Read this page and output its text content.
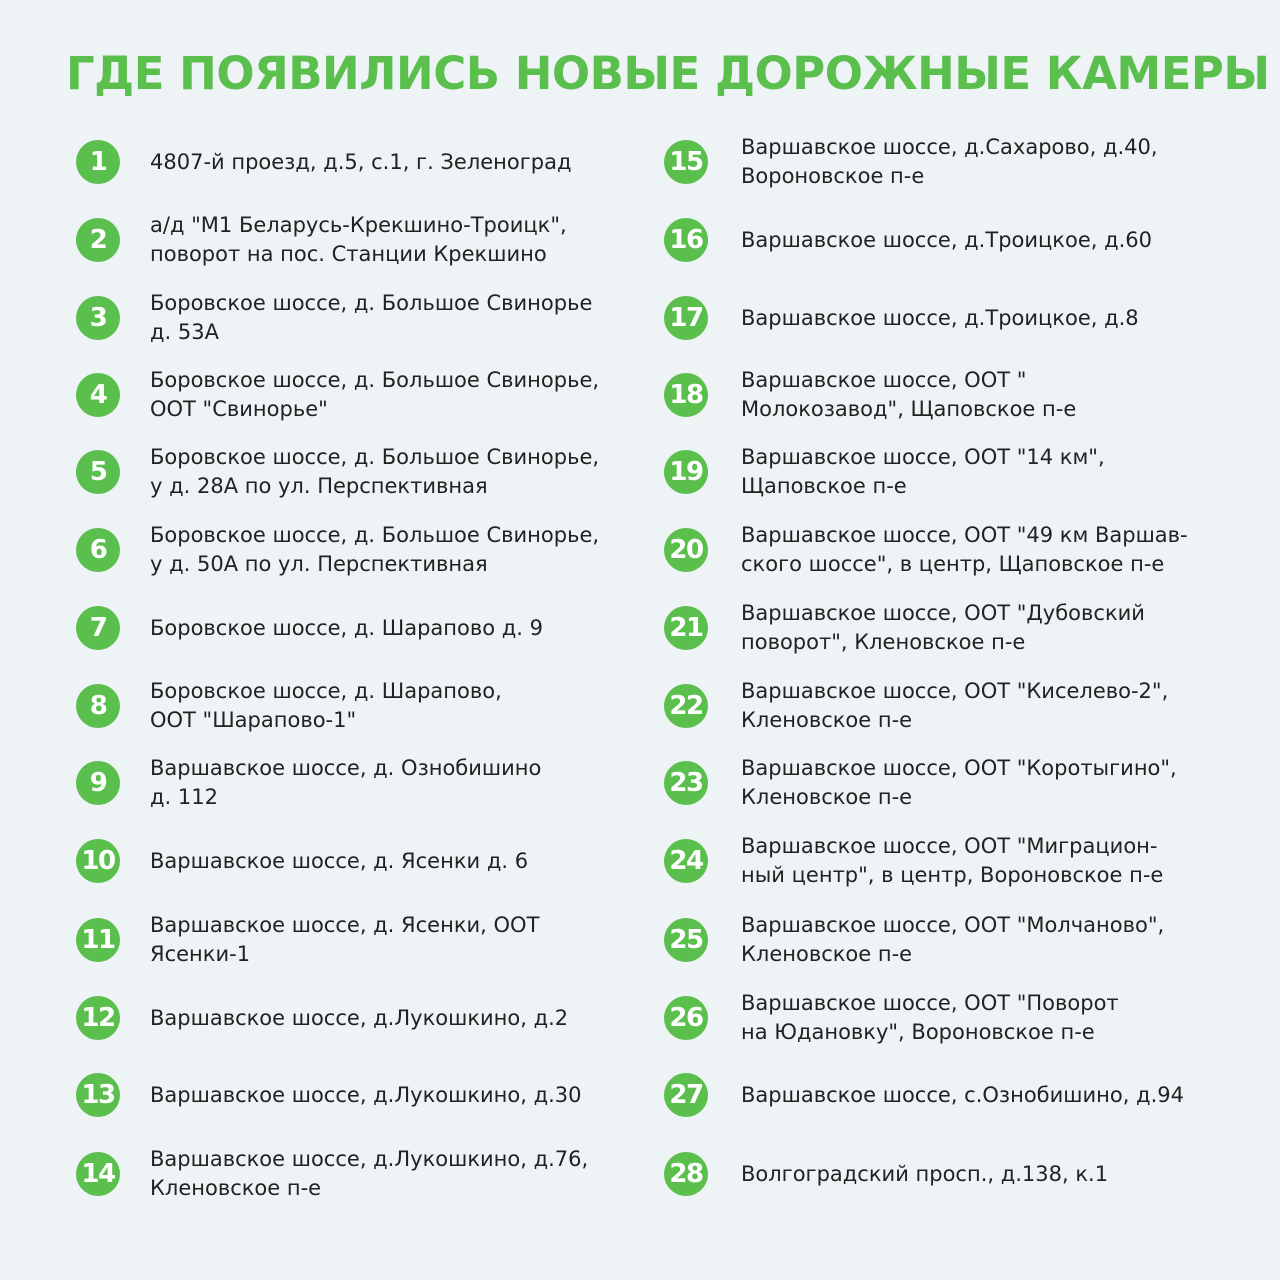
ГДЕ ПОЯВИЛИСЬ НОВЫЕ ДОРОЖНЫЕ КАМЕРЫ
1	4807-й проезд, д.5, с.1, г. Зеленоград
2	а/д "М1 Беларусь-Крекшино-Троицк",
поворот на пос. Станции Крекшино
3	Боровское шоссе, д. Большое Свинорье
д. 53А
4	Боровское шоссе, д. Большое Свинорье,
ООТ "Свинорье"
5	Боровское шоссе, д. Большое Свинорье,
у д. 28А по ул. Перспективная
6	Боровское шоссе, д. Большое Свинорье,
у д. 50А по ул. Перспективная
7	Боровское шоссе, д. Шарапово д. 9
8	Боровское шоссе, д. Шарапово,
ООТ "Шарапово-1"
9	Варшавское шоссе, д. Ознобишино
д. 112
10 Варшавское шоссе, д. Ясенки д. 6
11 Варшавское шоссе, д. Ясенки, ООТ
Ясенки-1
12 Варшавское шоссе, д.Лукошкино, д.2
13 Варшавское шоссе, д.Лукошкино, д.30
14 Варшавское шоссе, д.Лукошкино, д.76,
Кленовское п-е
15 Варшавское шоссе, д.Сахарово, д.40,
Вороновское п-е
16 Варшавское шоссе, д.Троицкое, д.60
17 Варшавское шоссе, д.Троицкое, д.8
18 Варшавское шоссе, ООТ "
Молокозавод", Щаповское п-е
19 Варшавское шоссе, ООТ "14 км",
Щаповское п-е
20 Варшавское шоссе, ООТ "49 км Варшав-
ского шоссе", в центр, Щаповское п-е
21 Варшавское шоссе, ООТ "Дубовский
поворот", Кленовское п-е
22 Варшавское шоссе, ООТ "Киселево-2",
Кленовское п-е
23 Варшавское шоссе, ООТ "Коротыгино",
Кленовское п-е
24 Варшавское шоссе, ООТ "Миграцион-
ный центр", в центр, Вороновское п-е
25 Варшавское шоссе, ООТ "Молчаново",
Кленовское п-е
26 Варшавское шоссе, ООТ "Поворот
на Юдановку", Вороновское п-е
27 Варшавское шоссе, с.Ознобишино, д.94
28 Волгоградский просп., д.138, к.1
